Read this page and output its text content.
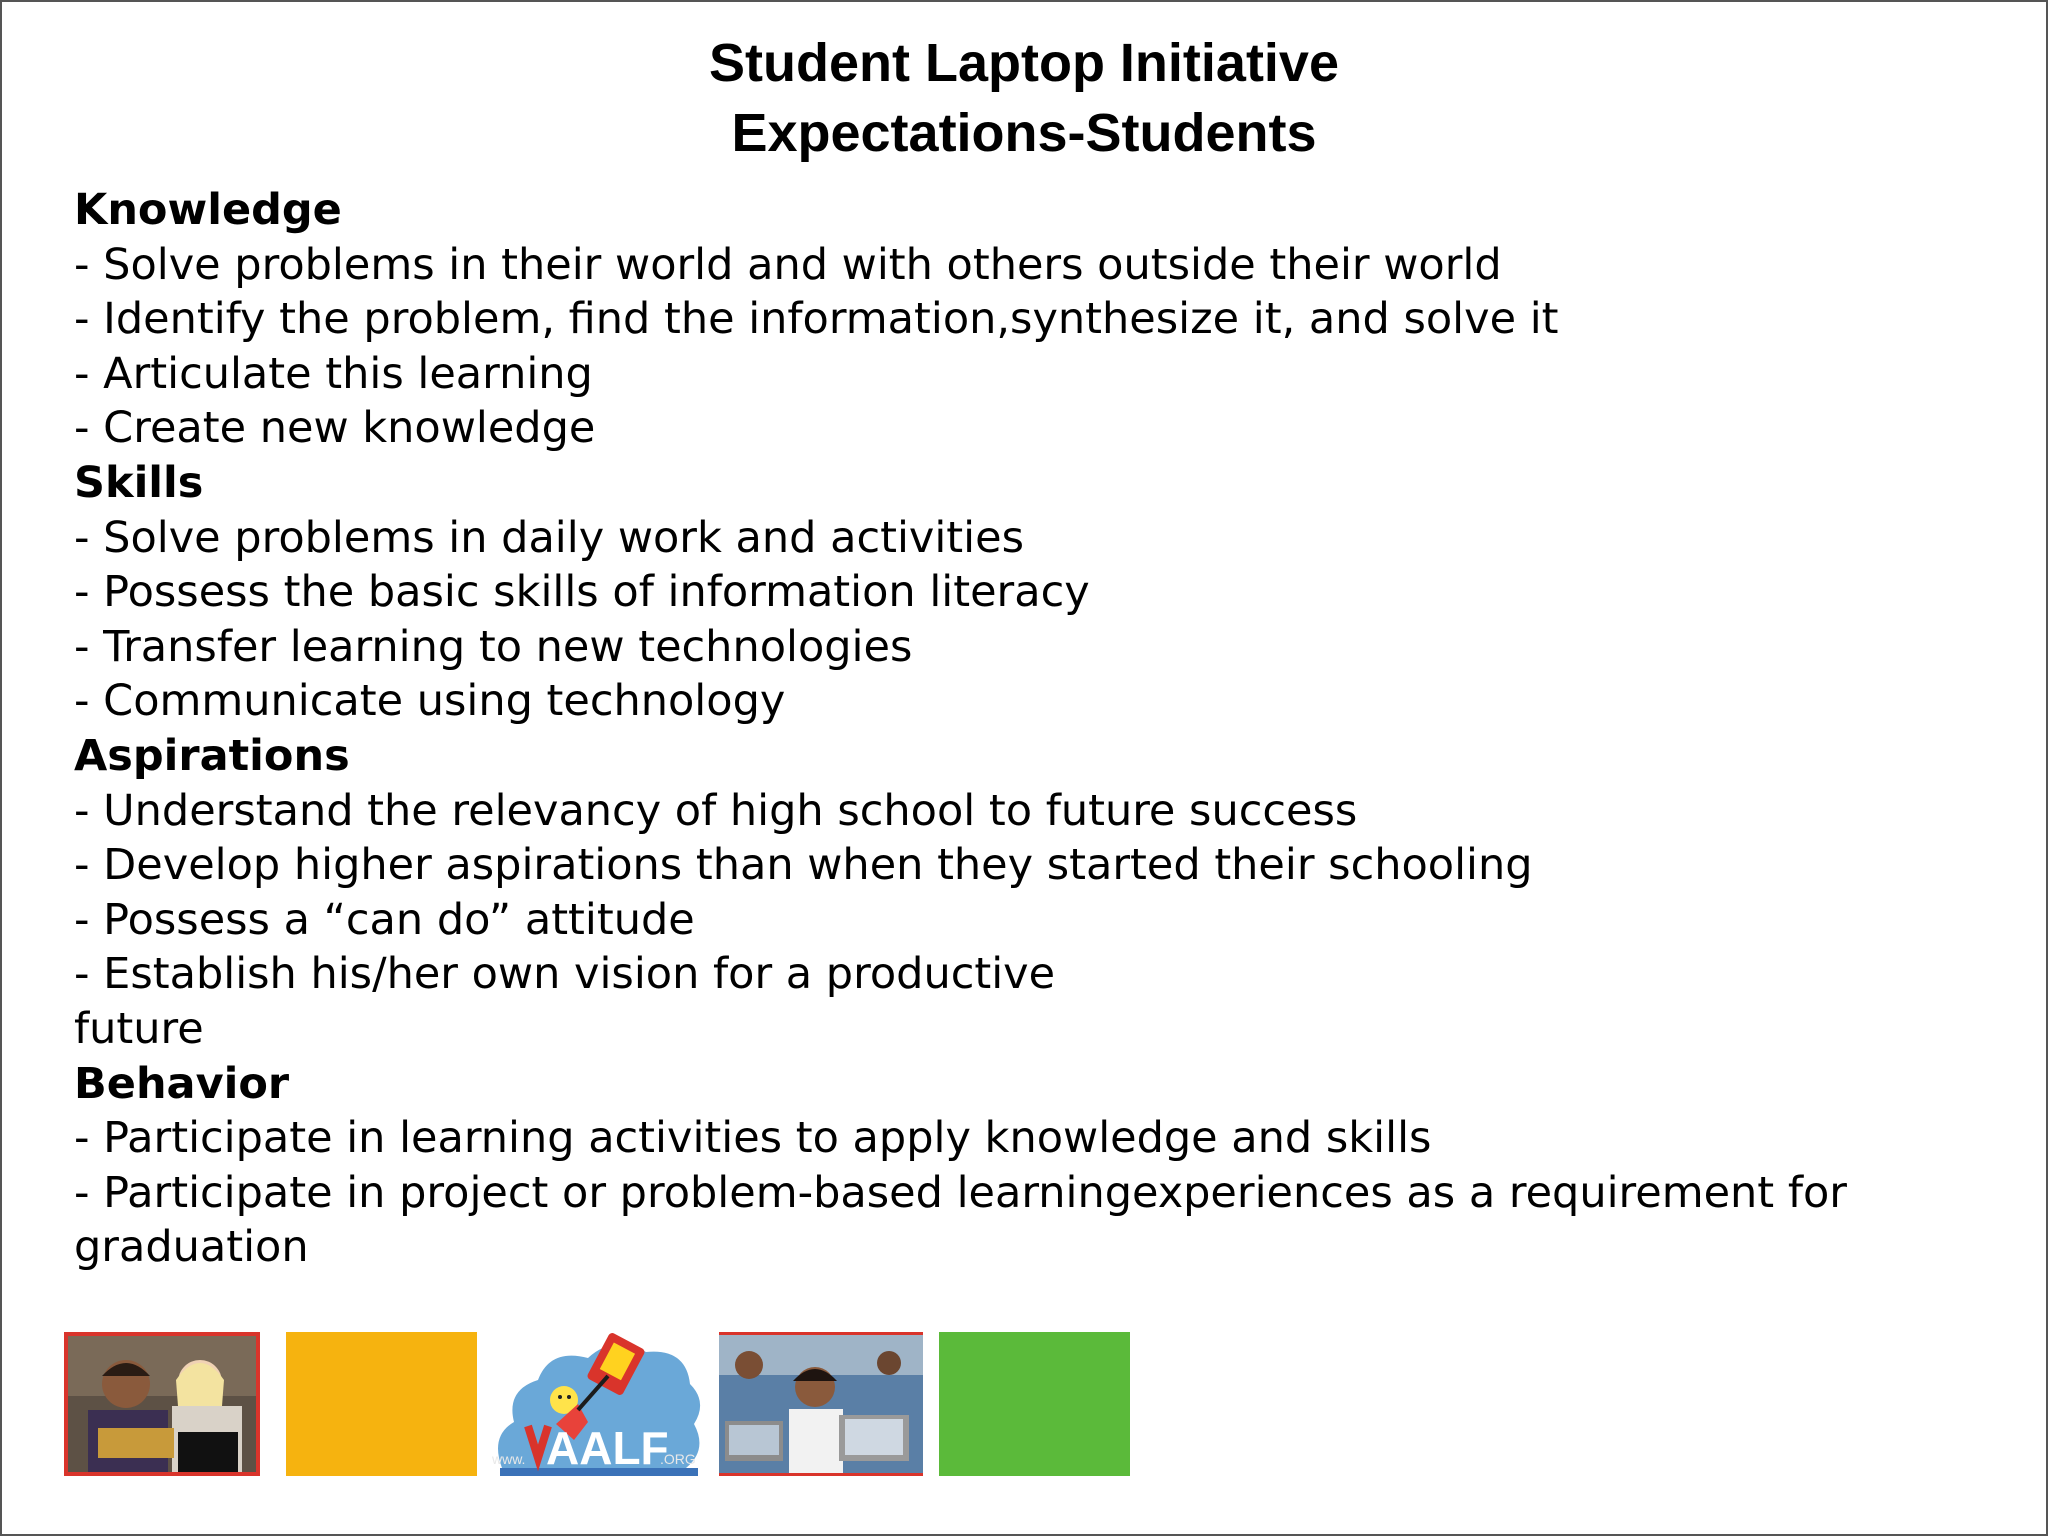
Student Laptop Initiative
Expectations-Students
Knowledge
- Solve problems in their world and with others outside their world
- Identify the problem, find the information,synthesize it, and solve it
- Articulate this learning
- Create new knowledge
Skills
- Solve problems in daily work and activities
- Possess the basic skills of information literacy
- Transfer learning to new technologies
- Communicate using technology
Aspirations
- Understand the relevancy of high school to future success
- Develop higher aspirations than when they started their schooling
- Possess a “can do” attitude
- Establish his/her own vision for a productive
future
Behavior
- Participate in learning activities to apply knowledge and skills
- Participate in project or problem-based learningexperiences as a requirement for
graduation
www. AALF
.ORG
